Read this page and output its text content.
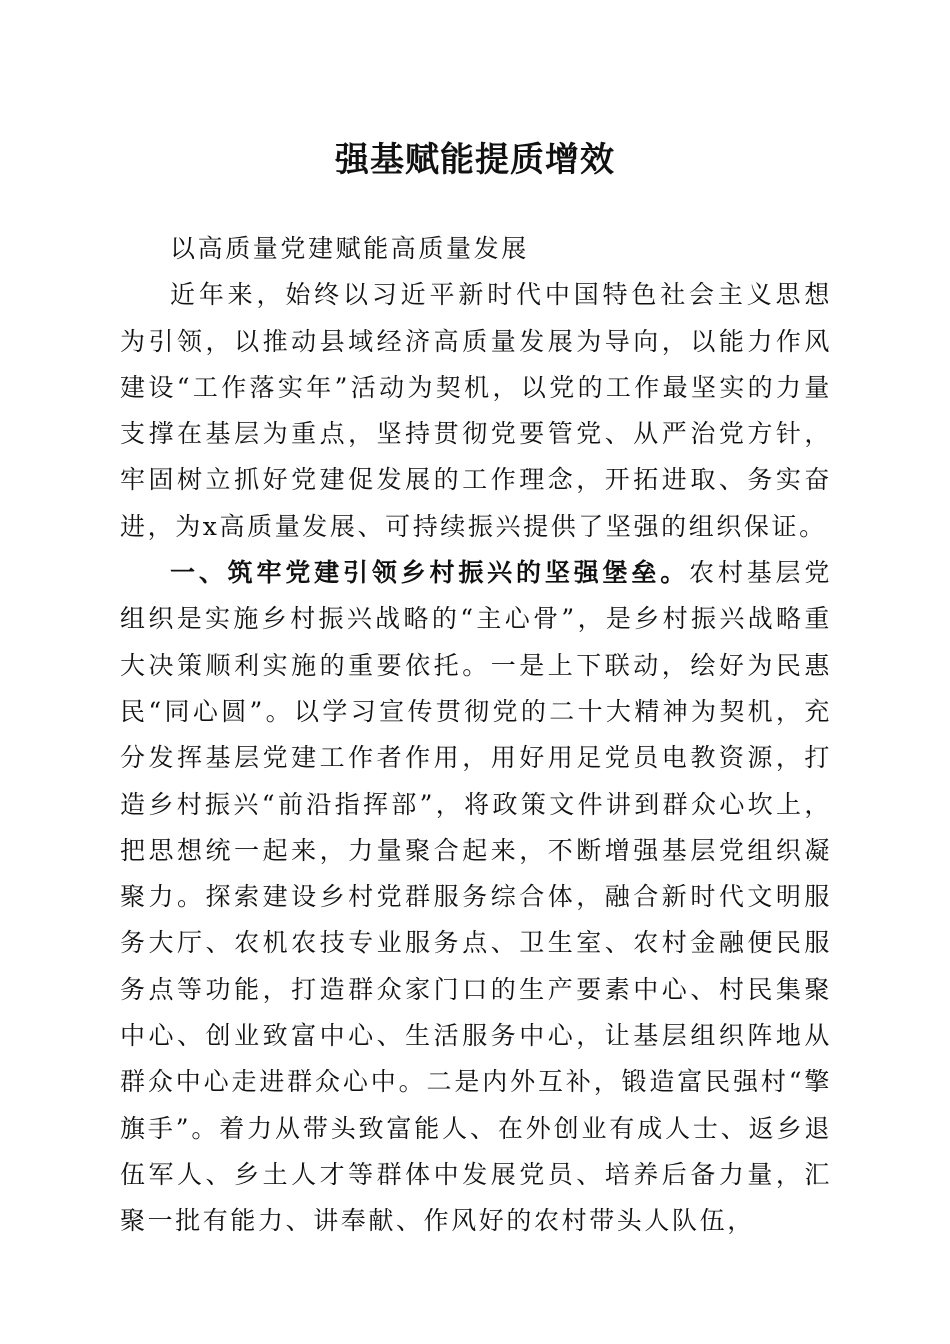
强基赋能提质增效

以高质量党建赋能高质量发展

近年来，始终以习近平新时代中国特色社会主义思想为引领，以推动县域经济高质量发展为导向，以能力作风建设“工作落实年”活动为契机，以党的工作最坚实的力量支撑在基层为重点，坚持贯彻党要管党、从严治党方针，牢固树立抓好党建促发展的工作理念，开拓进取、务实奋进，为x高质量发展、可持续振兴提供了坚强的组织保证。

一、筑牢党建引领乡村振兴的坚强堡垒。农村基层党组织是实施乡村振兴战略的“主心骨”，是乡村振兴战略重大决策顺利实施的重要依托。一是上下联动，绘好为民惠民“同心圆”。以学习宣传贯彻党的二十大精神为契机，充分发挥基层党建工作者作用，用好用足党员电教资源，打造乡村振兴“前沿指挥部”，将政策文件讲到群众心坎上，把思想统一起来，力量聚合起来，不断增强基层党组织凝聚力。探索建设乡村党群服务综合体，融合新时代文明服务大厅、农机农技专业服务点、卫生室、农村金融便民服务点等功能，打造群众家门口的生产要素中心、村民集聚中心、创业致富中心、生活服务中心，让基层组织阵地从群众中心走进群众心中。二是内外互补，锻造富民强村“擎旗手”。着力从带头致富能人、在外创业有成人士、返乡退伍军人、乡土人才等群体中发展党员、培养后备力量，汇聚一批有能力、讲奉献、作风好的农村带头人队伍，
